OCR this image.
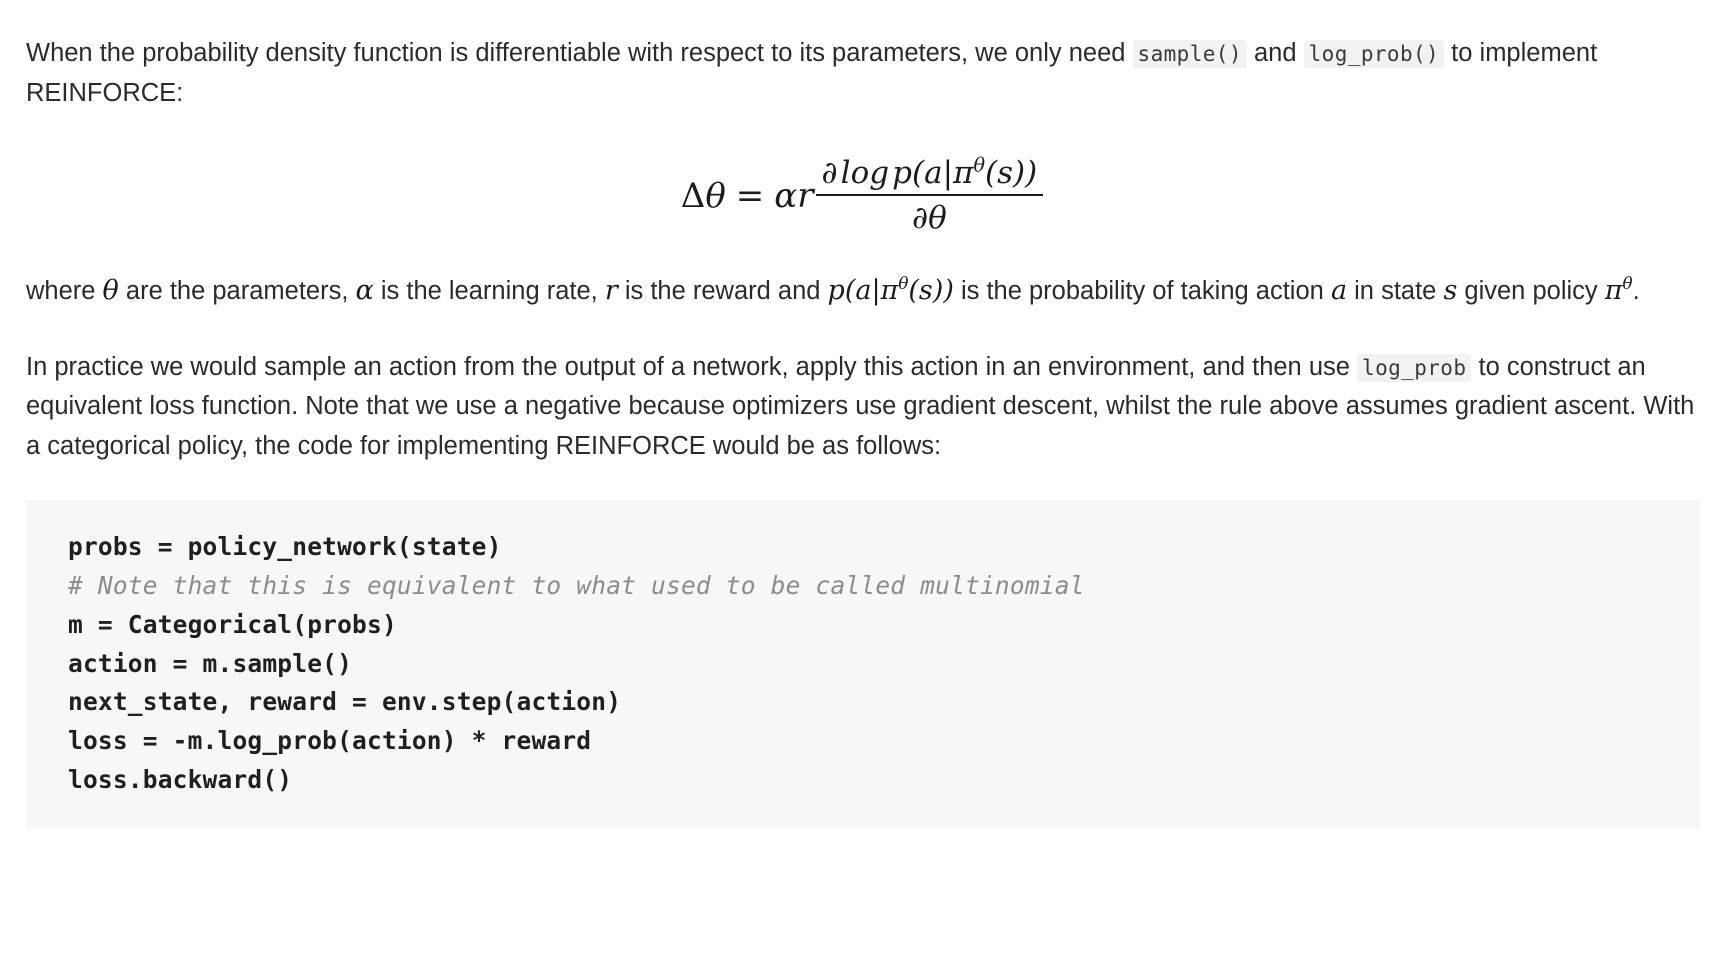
When the probability density function is differentiable with respect to its parameters, we only need sample() and log_prob() to implement REINFORCE:

Δ θ = α r $\frac{\partial \log p(a|\pi^\theta(s))}{\partial\theta}$

where θ are the parameters, α is the learning rate, r is the reward and $p(a|\pi^\theta(s))$ is the probability of taking action a in state s given policy $\pi^\theta$.

In practice we would sample an action from the output of a network, apply this action in an environment, and then use log_prob to construct an equivalent loss function. Note that we use a negative because optimizers use gradient descent, whilst the rule above assumes gradient ascent. With a categorical policy, the code for implementing REINFORCE would be as follows:

probs = policy_network(state)
# Note that this is equivalent to what used to be called multinomial
m = Categorical(probs)
action = m.sample()
next_state, reward = env.step(action)
loss = -m.log_prob(action) * reward
loss.backward()
